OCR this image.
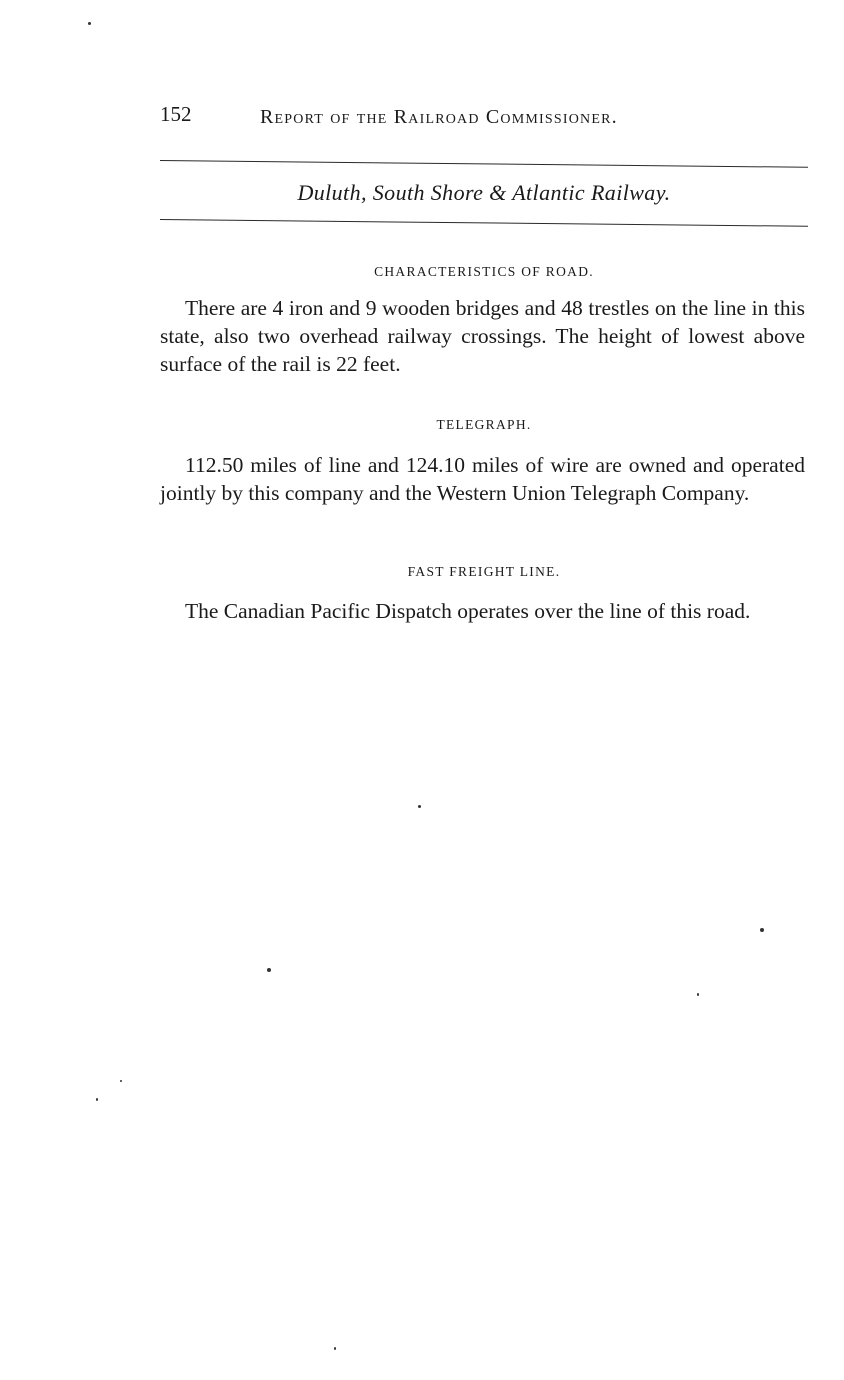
152	Report of the Railroad Commissioner.
Duluth, South Shore & Atlantic Railway.
CHARACTERISTICS OF ROAD.

There are 4 iron and 9 wooden bridges and 48 trestles on the line in this state, also two overhead railway crossings. The height of lowest above surface of the rail is 22 feet.

TELEGRAPH.

112.50 miles of line and 124.10 miles of wire are owned and operated jointly by this company and the Western Union Telegraph Company.

FAST FREIGHT LINE.

The Canadian Pacific Dispatch operates over the line of this road.
